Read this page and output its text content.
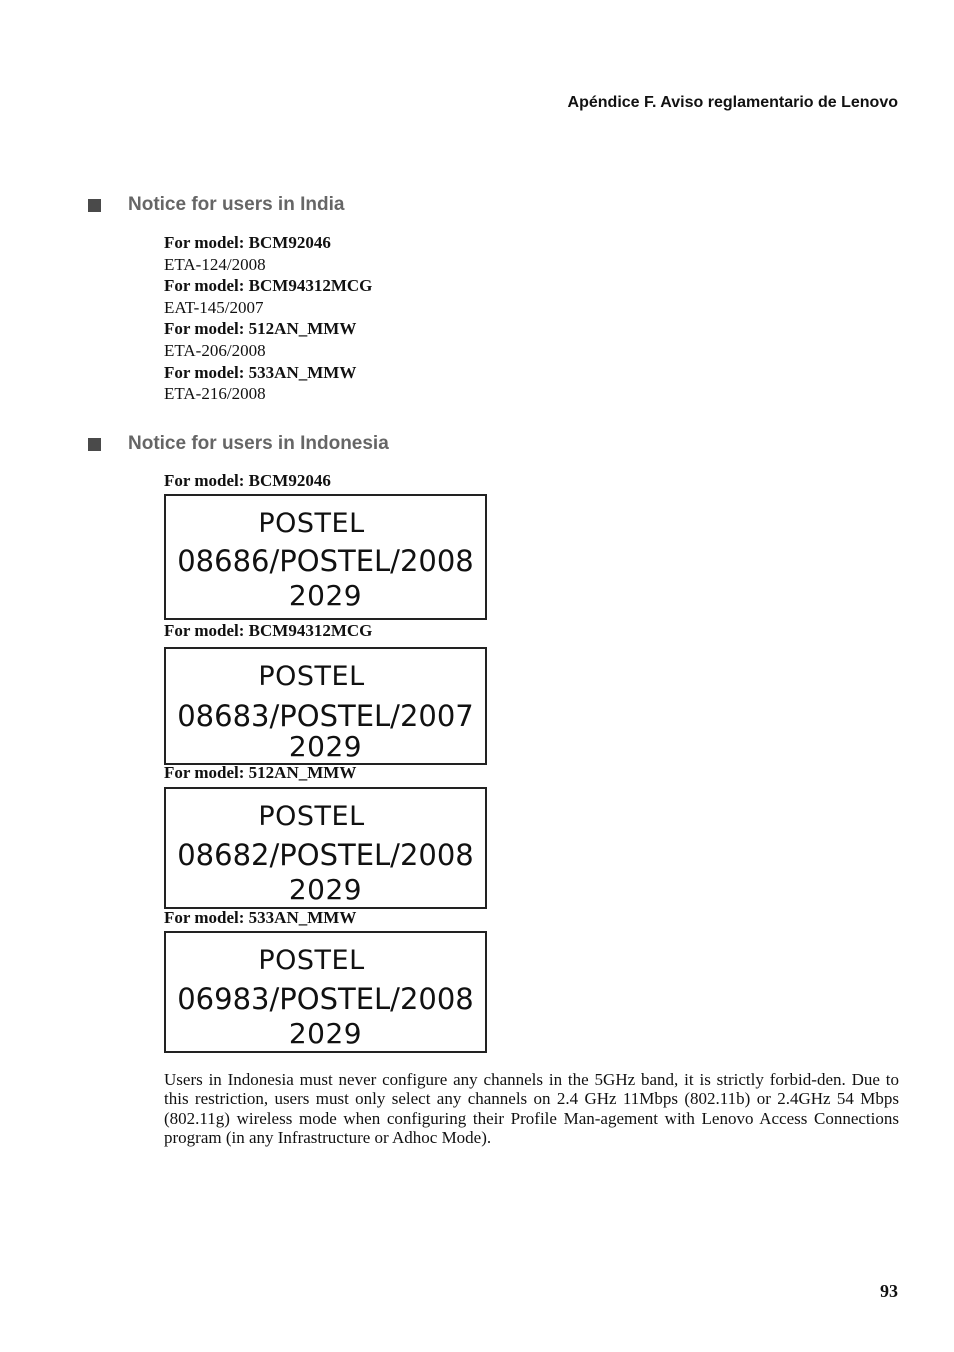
Apéndice F. Aviso reglamentario de Lenovo
Notice for users in India
For model: BCM92046
ETA-124/2008
For model: BCM94312MCG
EAT-145/2007
For model: 512AN_MMW
ETA-206/2008
For model: 533AN_MMW
ETA-216/2008
Notice for users in Indonesia
For model: BCM92046
POSTEL
08686/POSTEL/2008
2029
For model: BCM94312MCG
POSTEL
08683/POSTEL/2007
2029
For model: 512AN_MMW
POSTEL
08682/POSTEL/2008
2029
For model: 533AN_MMW
POSTEL
06983/POSTEL/2008
2029
Users in Indonesia must never configure any channels in the 5GHz band, it is strictly forbid-den. Due to this restriction, users must only select any channels on 2.4 GHz 11Mbps (802.11b) or 2.4GHz 54 Mbps (802.11g) wireless mode when configuring their Profile Man-agement with Lenovo Access Connections program (in any Infrastructure or Adhoc Mode).
93
